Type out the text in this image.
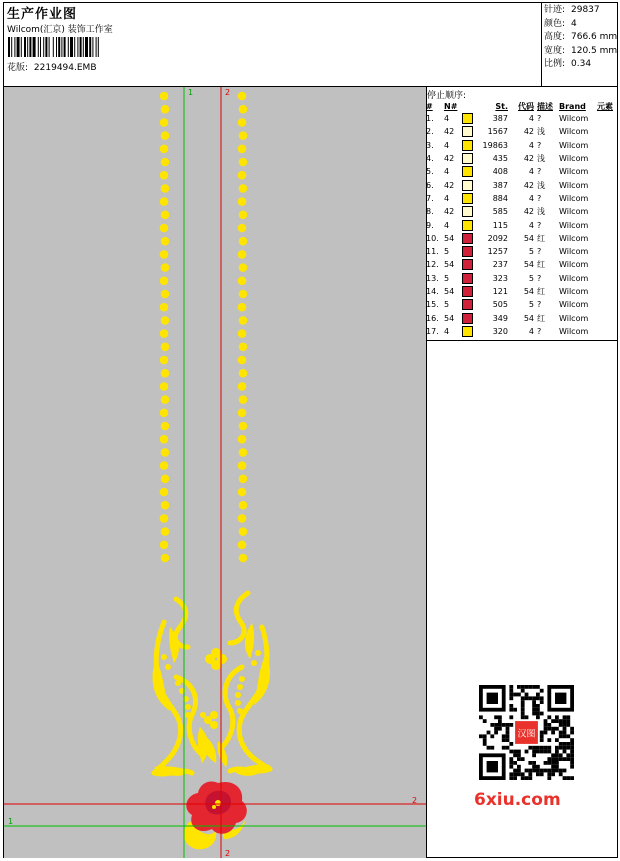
生产作业图
Wilcom(汇京) 装饰工作室
花版: 2219494.EMB
针迹: 29837
颜色: 4
高度: 766.6 mm
宽度: 120.5 mm
比例: 0.34
1	2
2
1
2
停止顺序:
#	N#		St.	代码	描述	Brand	元素
1.	4		387	4	?	Wilcom	
2.	42		1567	42	浅	Wilcom	
3.	4		19863	4	?	Wilcom	
4.	42		435	42	浅	Wilcom	
5.	4		408	4	?	Wilcom	
6.	42		387	42	浅	Wilcom	
7.	4		884	4	?	Wilcom	
8.	42		585	42	浅	Wilcom	
9.	4		115	4	?	Wilcom	
10.	54		2092	54	红	Wilcom	
11.	5		1257	5	?	Wilcom	
12.	54		237	54	红	Wilcom	
13.	5		323	5	?	Wilcom	
14.	54		121	54	红	Wilcom	
15.	5		505	5	?	Wilcom	
16.	54		349	54	红	Wilcom	
17.	4		320	4	?	Wilcom	
汉图
6xiu.com
